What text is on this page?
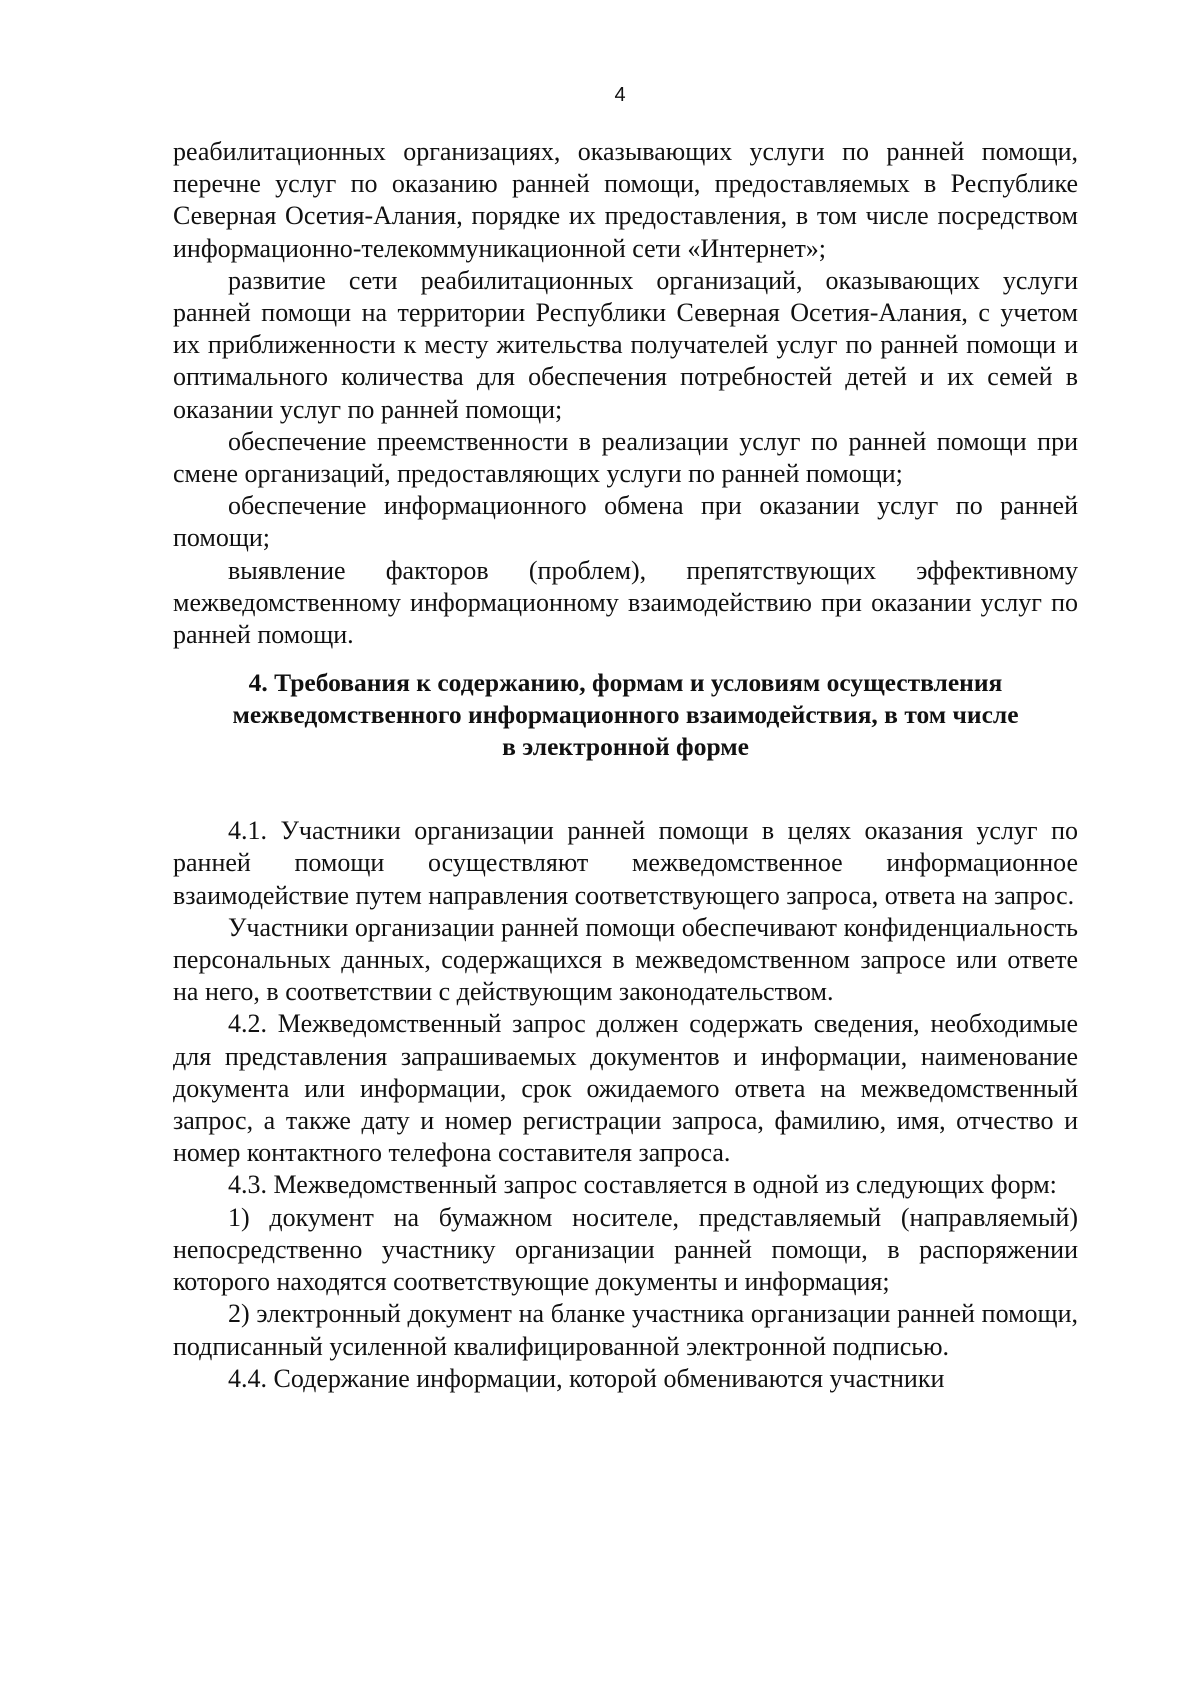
4

реабилитационных организациях, оказывающих услуги по ранней помощи, перечне услуг по оказанию ранней помощи, предоставляемых в Республике Северная Осетия-Алания, порядке их предоставления, в том числе посредством информационно-телекоммуникационной сети «Интернет»;

развитие сети реабилитационных организаций, оказывающих услуги ранней помощи на территории Республики Северная Осетия-Алания, с учетом их приближенности к месту жительства получателей услуг по ранней помощи и оптимального количества для обеспечения потребностей детей и их семей в оказании услуг по ранней помощи;

обеспечение преемственности в реализации услуг по ранней помощи при смене организаций, предоставляющих услуги по ранней помощи;

обеспечение информационного обмена при оказании услуг по ранней помощи;

выявление факторов (проблем), препятствующих эффективному межведомственному информационному взаимодействию при оказании услуг по ранней помощи.

4. Требования к содержанию, формам и условиям осуществления
межведомственного информационного взаимодействия, в том числе
в электронной форме

4.1. Участники организации ранней помощи в целях оказания услуг по ранней помощи осуществляют межведомственное информационное взаимодействие путем направления соответствующего запроса, ответа на запрос.

Участники организации ранней помощи обеспечивают конфиденциальность персональных данных, содержащихся в межведомственном запросе или ответе на него, в соответствии с действующим законодательством.

4.2. Межведомственный запрос должен содержать сведения, необходимые для представления запрашиваемых документов и информации, наименование документа или информации, срок ожидаемого ответа на межведомственный запрос, а также дату и номер регистрации запроса, фамилию, имя, отчество и номер контактного телефона составителя запроса.

4.3. Межведомственный запрос составляется в одной из следующих форм:

1) документ на бумажном носителе, представляемый (направляемый) непосредственно участнику организации ранней помощи, в распоряжении которого находятся соответствующие документы и информация;

2) электронный документ на бланке участника организации ранней помощи, подписанный усиленной квалифицированной электронной подписью.

4.4. Содержание информации, которой обмениваются участники
